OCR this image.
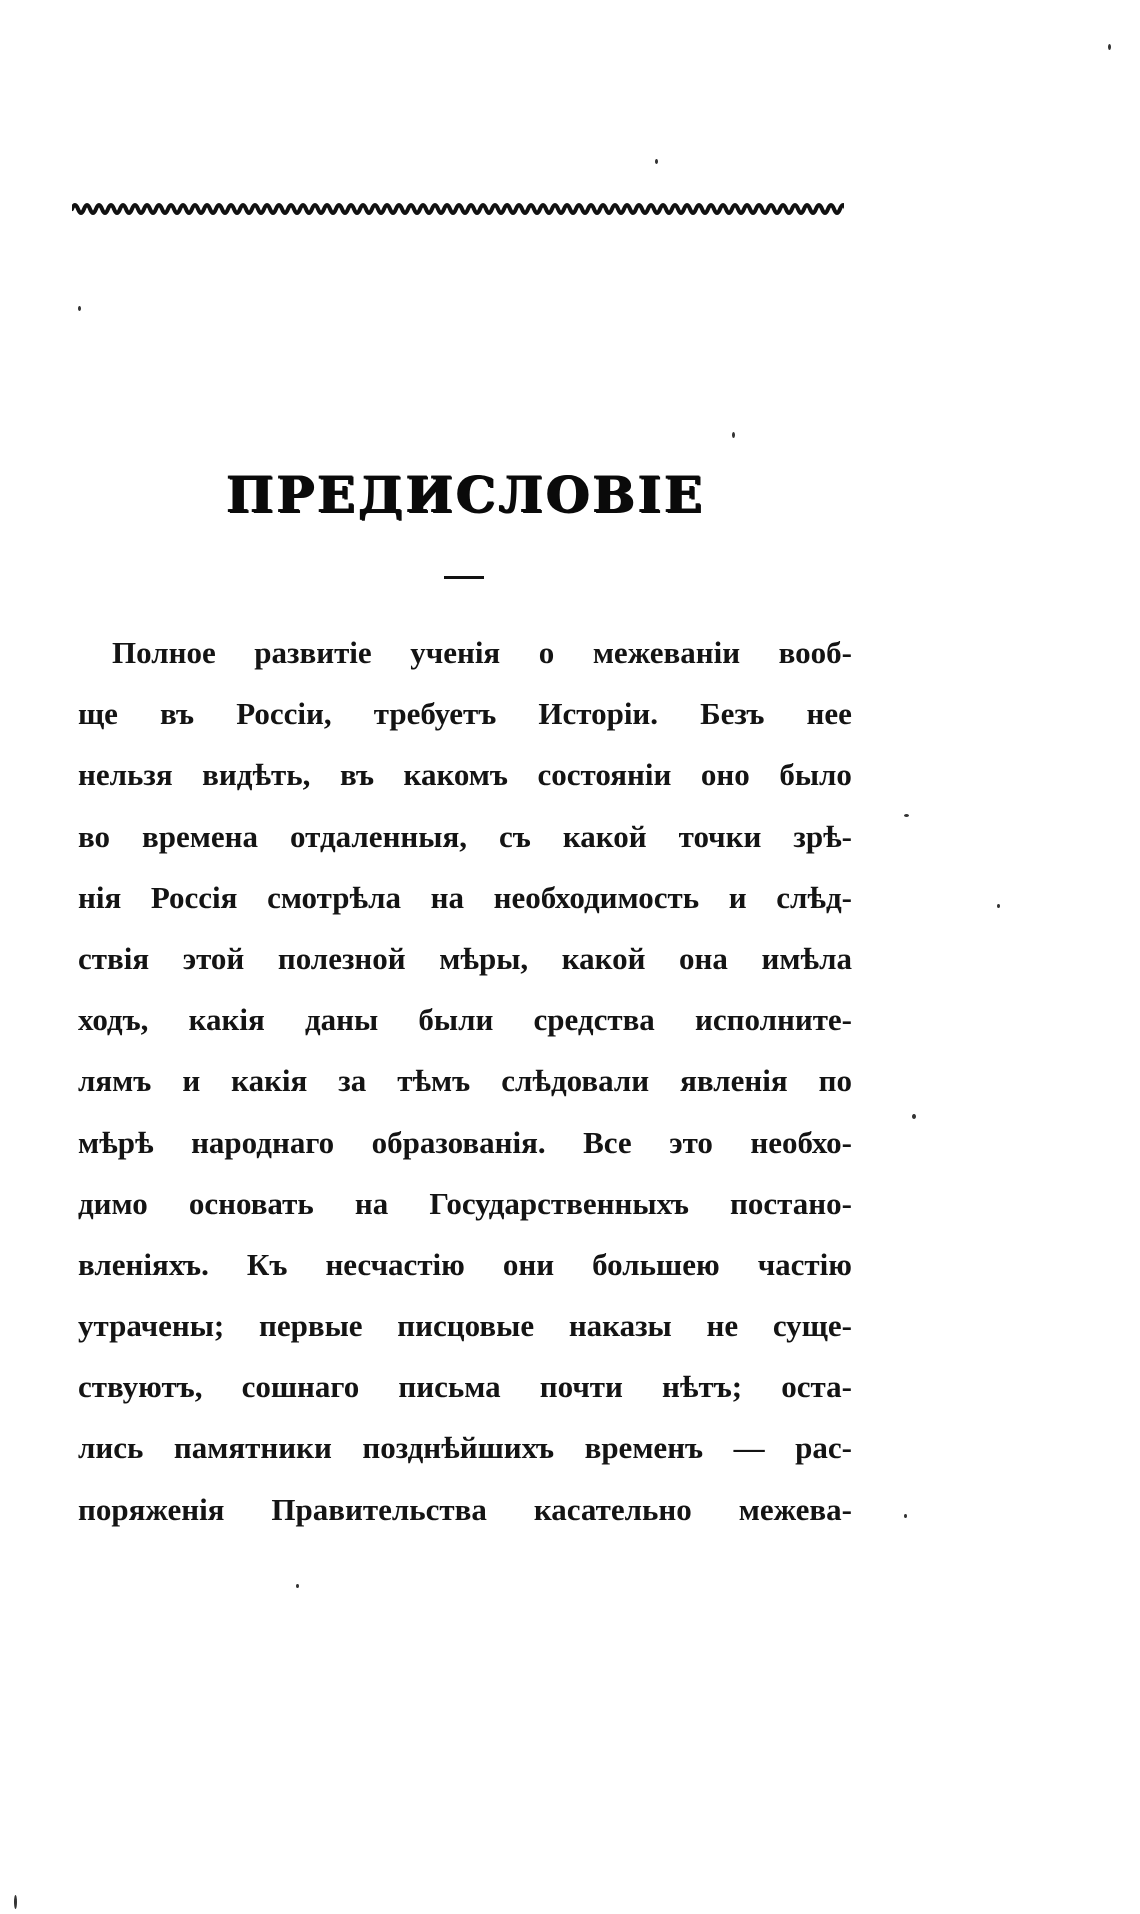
ПРЕДИСЛОВІЕ
Полное развитіе ученія о межеваніи вооб-
ще въ Россіи, требуетъ Исторіи. Безъ нее
нельзя видѣть, въ какомъ состояніи оно было
во времена отдаленныя, съ какой точки зрѣ-
нія Россія смотрѣла на необходимость и слѣд-
ствія этой полезной мѣры, какой она имѣла
ходъ, какія даны были средства исполните-
лямъ и какія за тѣмъ слѣдовали явленія по
мѣрѣ народнаго образованія. Все это необхо-
димо основать на Государственныхъ постано-
вленіяхъ. Къ несчастію они большею частію
утрачены; первые писцовые наказы не суще-
ствуютъ, сошнаго письма почти нѣтъ; оста-
лись памятники позднѣйшихъ временъ — рас-
поряженія Правительства касательно межева-
